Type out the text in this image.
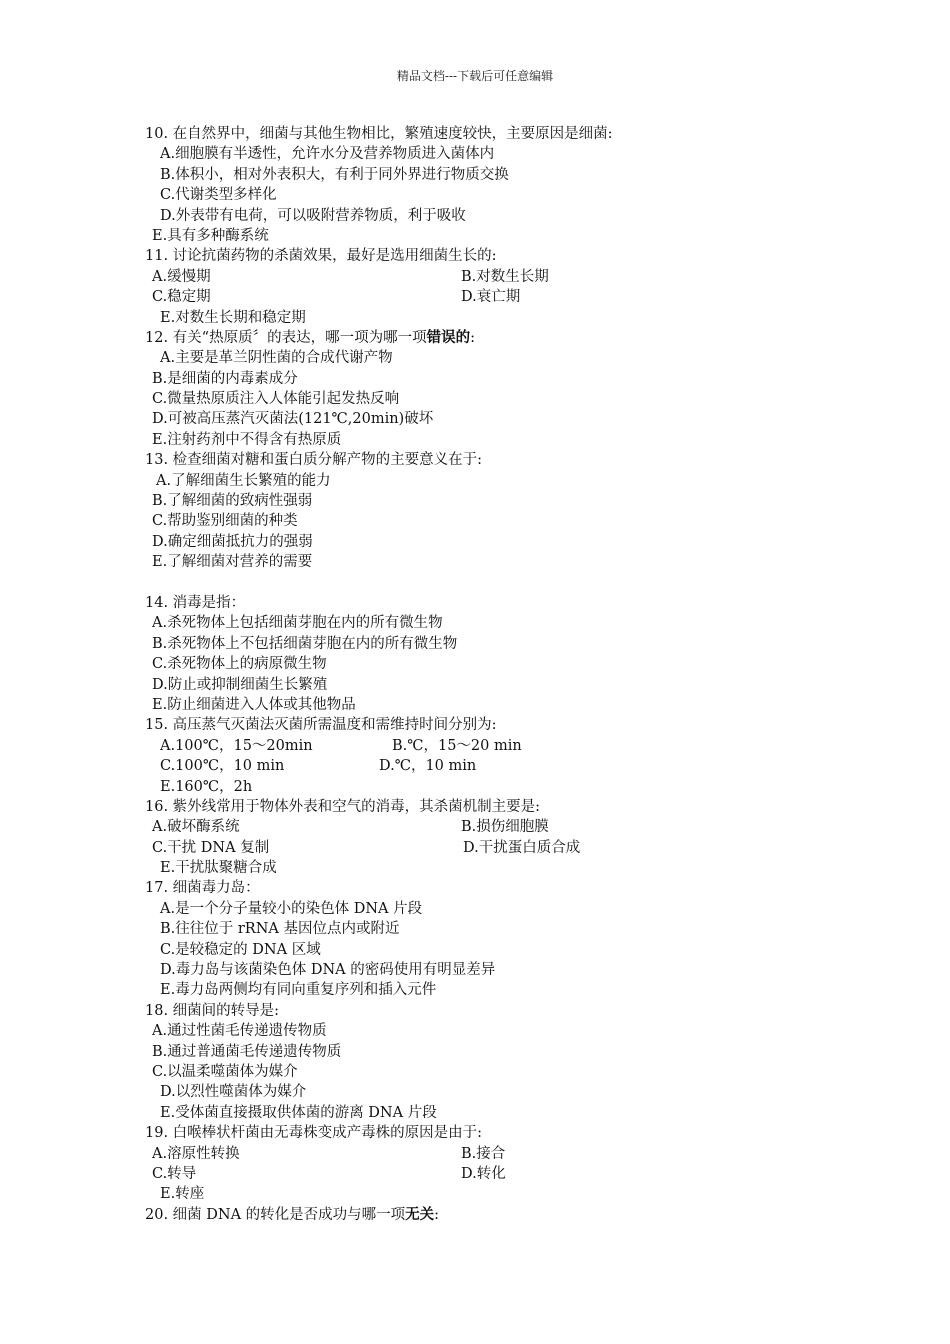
精品文档---下载后可任意编辑
10. 在自然界中，细菌与其他生物相比，繁殖速度较快，主要原因是细菌:
A.细胞膜有半透性，允许水分及营养物质进入菌体内
B.体积小，相对外表积大，有利于同外界进行物质交换
C.代谢类型多样化
D.外表带有电荷，可以吸附营养物质，利于吸收
E.具有多种酶系统
11. 讨论抗菌药物的杀菌效果，最好是选用细菌生长的:
A.缓慢期	B.对数生长期
C.稳定期	D.衰亡期
E.对数生长期和稳定期
12. 有关“热原质〞的表达，哪一项为哪一项错误的:
A.主要是革兰阴性菌的合成代谢产物
B.是细菌的内毒素成分
C.微量热原质注入人体能引起发热反响
D.可被高压蒸汽灭菌法(121℃,20min)破坏
E.注射药剂中不得含有热原质
13. 检查细菌对糖和蛋白质分解产物的主要意义在于:
A.了解细菌生长繁殖的能力
B.了解细菌的致病性强弱
C.帮助鉴别细菌的种类
D.确定细菌抵抗力的强弱
E.了解细菌对营养的需要
14. 消毒是指：
A.杀死物体上包括细菌芽胞在内的所有微生物
B.杀死物体上不包括细菌芽胞在内的所有微生物
C.杀死物体上的病原微生物
D.防止或抑制细菌生长繁殖
E.防止细菌进入人体或其他物品
15. 高压蒸气灭菌法灭菌所需温度和需维持时间分别为:
A.100℃，15～20min	B.℃，15～20 min
C.100℃，10 min	D.℃，10 min
E.160℃，2h
16. 紫外线常用于物体外表和空气的消毒，其杀菌机制主要是:
A.破坏酶系统	B.损伤细胞膜
C.干扰 DNA 复制	D.干扰蛋白质合成
E.干扰肽聚糖合成
17. 细菌毒力岛：
A.是一个分子量较小的染色体 DNA 片段
B.往往位于 rRNA 基因位点内或附近
C.是较稳定的 DNA 区域
D.毒力岛与该菌染色体 DNA 的密码使用有明显差异
E.毒力岛两侧均有同向重复序列和插入元件
18. 细菌间的转导是:
A.通过性菌毛传递遗传物质
B.通过普通菌毛传递遗传物质
C.以温柔噬菌体为媒介
D.以烈性噬菌体为媒介
E.受体菌直接摄取供体菌的游离 DNA 片段
19. 白喉棒状杆菌由无毒株变成产毒株的原因是由于:
A.溶原性转换	B.接合
C.转导	D.转化
E.转座
20. 细菌 DNA 的转化是否成功与哪一项无关:
